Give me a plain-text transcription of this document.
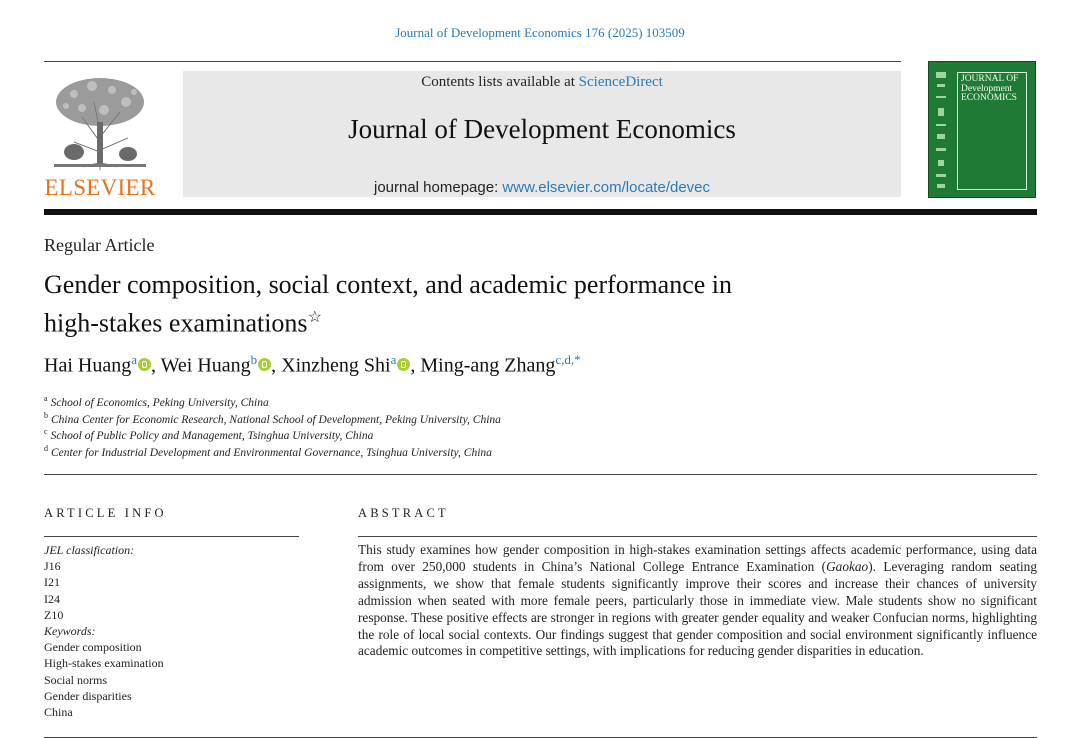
Journal of Development Economics 176 (2025) 103509
ELSEVIER
Contents lists available at ScienceDirect
Journal of Development Economics
journal homepage: www.elsevier.com/locate/devec
JOURNAL OF
Development
ECONOMICS
Regular Article
Gender composition, social context, and academic performance in
high-stakes examinations☆
Hai Huang$^a$ , Wei Huang$^b$ , Xinzheng Shi$^a$ , Ming-ang Zhang$^{c,d,*}$
$^a$ School of Economics, Peking University, China
$^b$ China Center for Economic Research, National School of Development, Peking University, China
$^c$ School of Public Policy and Management, Tsinghua University, China
$^d$ Center for Industrial Development and Environmental Governance, Tsinghua University, China
ARTICLE INFO
JEL classification:
J16
I21
I24
Z10
Keywords:
Gender composition
High-stakes examination
Social norms
Gender disparities
China
ABSTRACT
This study examines how gender composition in high-stakes examination settings affects academic performance, using data from over 250,000 students in China’s National College Entrance Examination (Gaokao). Leveraging random seating assignments, we show that female students significantly improve their scores and increase their chances of university admission when seated with more female peers, particularly those in immediate view. Male students show no significant response. These positive effects are stronger in regions with greater gender equality and weaker Confucian norms, highlighting the role of local social contexts. Our findings suggest that gender composition and social environment significantly influence academic outcomes in competitive settings, with implications for reducing gender disparities in education.
